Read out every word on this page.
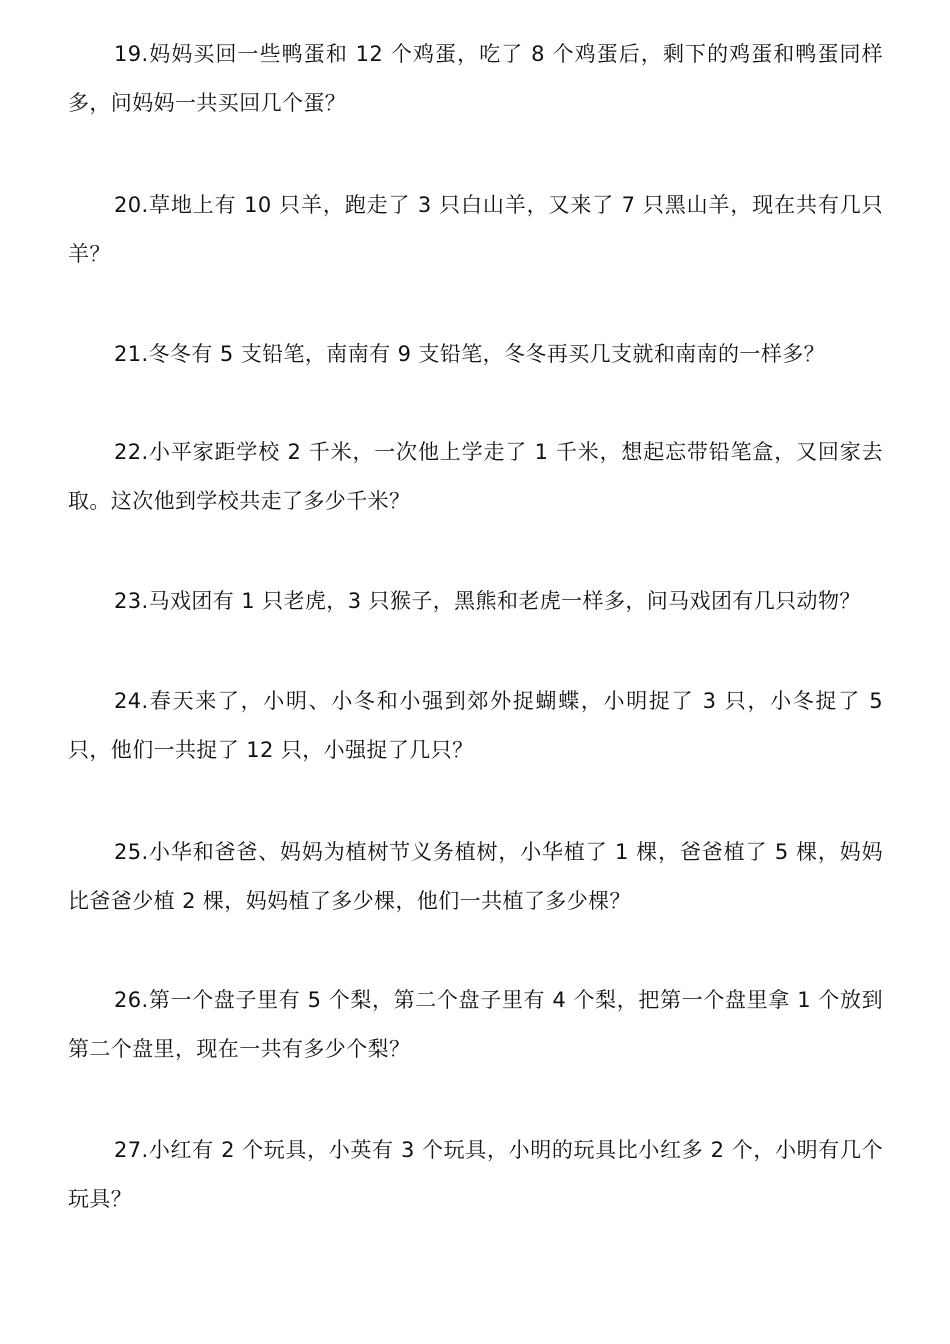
19.妈妈买回一些鸭蛋和 12 个鸡蛋，吃了 8 个鸡蛋后，剩下的鸡蛋和鸭蛋同样多，问妈妈一共买回几个蛋？

20.草地上有 10 只羊，跑走了 3 只白山羊，又来了 7 只黑山羊，现在共有几只羊？

21.冬冬有 5 支铅笔，南南有 9 支铅笔，冬冬再买几支就和南南的一样多？

22.小平家距学校 2 千米，一次他上学走了 1 千米，想起忘带铅笔盒，又回家去取。这次他到学校共走了多少千米？

23.马戏团有 1 只老虎，3 只猴子，黑熊和老虎一样多，问马戏团有几只动物？

24.春天来了，小明、小冬和小强到郊外捉蝴蝶，小明捉了 3 只，小冬捉了 5 只，他们一共捉了 12 只，小强捉了几只？

25.小华和爸爸、妈妈为植树节义务植树，小华植了 1 棵，爸爸植了 5 棵，妈妈比爸爸少植 2 棵，妈妈植了多少棵，他们一共植了多少棵？

26.第一个盘子里有 5 个梨，第二个盘子里有 4 个梨，把第一个盘里拿 1 个放到第二个盘里，现在一共有多少个梨？

27.小红有 2 个玩具，小英有 3 个玩具，小明的玩具比小红多 2 个，小明有几个玩具？
